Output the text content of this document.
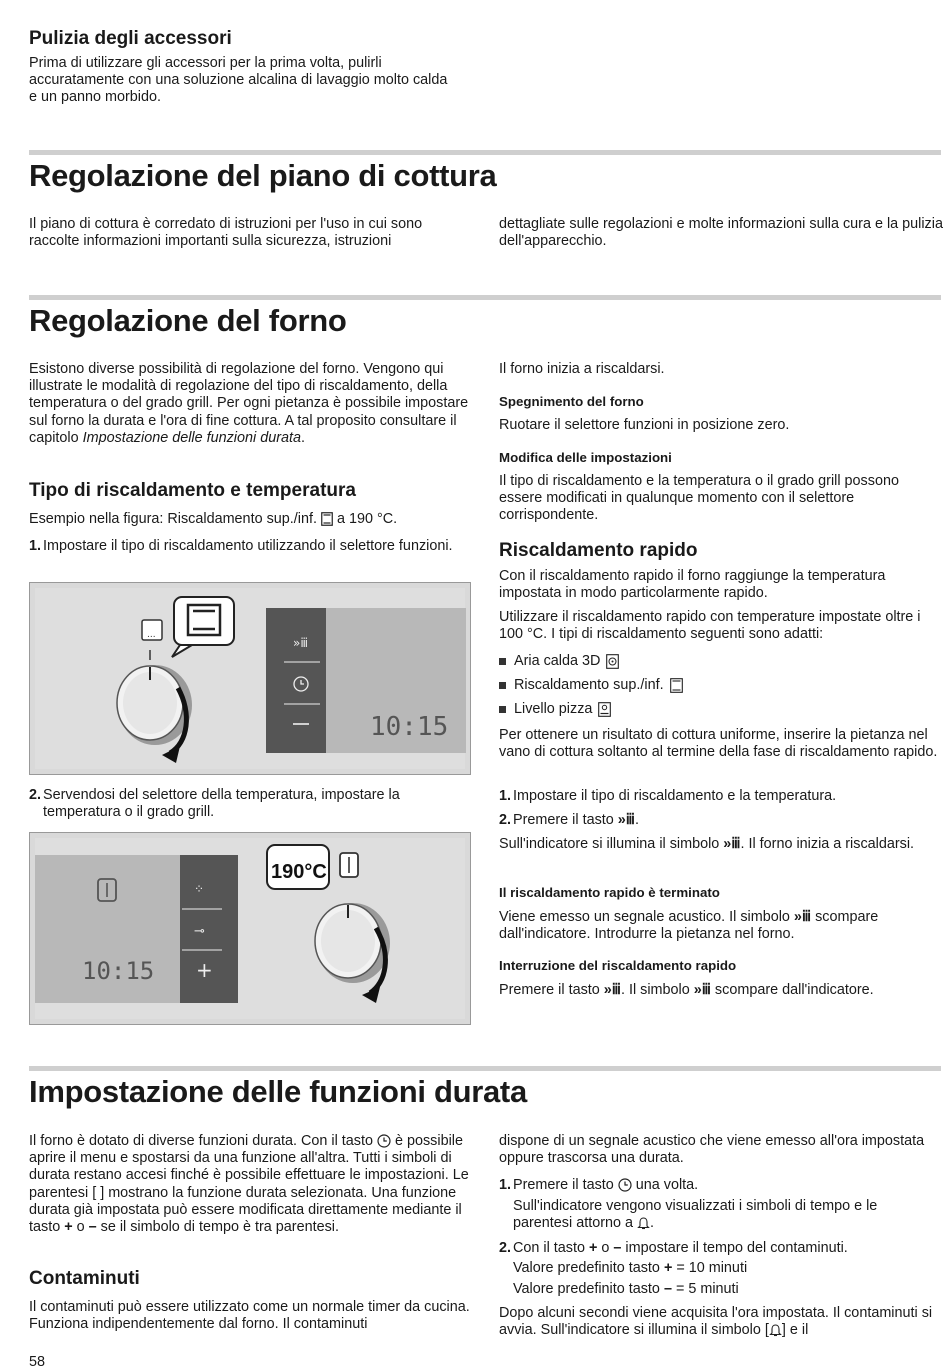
Pulizia degli accessori

Prima di utilizzare gli accessori per la prima volta, pulirli accuratamente con una soluzione alcalina di lavaggio molto calda e un panno morbido.

Regolazione del piano di cottura

Il piano di cottura è corredato di istruzioni per l'uso in cui sono raccolte informazioni importanti sulla sicurezza, istruzioni

dettagliate sulle regolazioni e molte informazioni sulla cura e la pulizia dell'apparecchio.

Regolazione del forno

Esistono diverse possibilità di regolazione del forno. Vengono qui illustrate le modalità di regolazione del tipo di riscaldamento, della temperatura o del grado grill. Per ogni pietanza è possibile impostare sul forno la durata e l'ora di fine cottura. A tal proposito consultare il capitolo Impostazione delle funzioni durata.

Tipo di riscaldamento e temperatura

Esempio nella figura: Riscaldamento sup./inf.  a 190 °C.

1. Impostare il tipo di riscaldamento utilizzando il selettore funzioni.
...
»ⅲ
10:15
2. Servendosi del selettore della temperatura, impostare la temperatura o il grado grill.
10:15
⁘
⊸
+
190°C

Il forno inizia a riscaldarsi.

Spegnimento del forno

Ruotare il selettore funzioni in posizione zero.

Modifica delle impostazioni

Il tipo di riscaldamento e la temperatura o il grado grill possono essere modificati in qualunque momento con il selettore corrispondente.

Riscaldamento rapido

Con il riscaldamento rapido il forno raggiunge la temperatura impostata in modo particolarmente rapido.

Utilizzare il riscaldamento rapido con temperature impostate oltre i 100 °C. I tipi di riscaldamento seguenti sono adatti:

Aria calda 3D
Riscaldamento sup./inf.
Livello pizza

Per ottenere un risultato di cottura uniforme, inserire la pietanza nel vano di cottura soltanto al termine della fase di riscaldamento rapido.

1. Impostare il tipo di riscaldamento e la temperatura.
2. Premere il tasto »ⅲ.

Sull'indicatore si illumina il simbolo »ⅲ. Il forno inizia a riscaldarsi.

Il riscaldamento rapido è terminato

Viene emesso un segnale acustico. Il simbolo »ⅲ scompare dall'indicatore. Introdurre la pietanza nel forno.

Interruzione del riscaldamento rapido

Premere il tasto »ⅲ. Il simbolo »ⅲ scompare dall'indicatore.

Impostazione delle funzioni durata

Il forno è dotato di diverse funzioni durata. Con il tasto  è possibile aprire il menu e spostarsi da una funzione all'altra. Tutti i simboli di durata restano accesi finché è possibile effettuare le impostazioni. Le parentesi [ ] mostrano la funzione durata selezionata. Una funzione durata già impostata può essere modificata direttamente mediante il tasto + o – se il simbolo di tempo è tra parentesi.

Contaminuti

Il contaminuti può essere utilizzato come un normale timer da cucina. Funziona indipendentemente dal forno. Il contaminuti

dispone di un segnale acustico che viene emesso all'ora impostata oppure trascorsa una durata.

1. Premere il tasto  una volta.

Sull'indicatore vengono visualizzati i simboli di tempo e le parentesi attorno a .

2. Con il tasto + o – impostare il tempo del contaminuti.

Valore predefinito tasto + = 10 minuti

Valore predefinito tasto – = 5 minuti

Dopo alcuni secondi viene acquisita l'ora impostata. Il contaminuti si avvia. Sull'indicatore si illumina il simbolo [ ] e il

58
